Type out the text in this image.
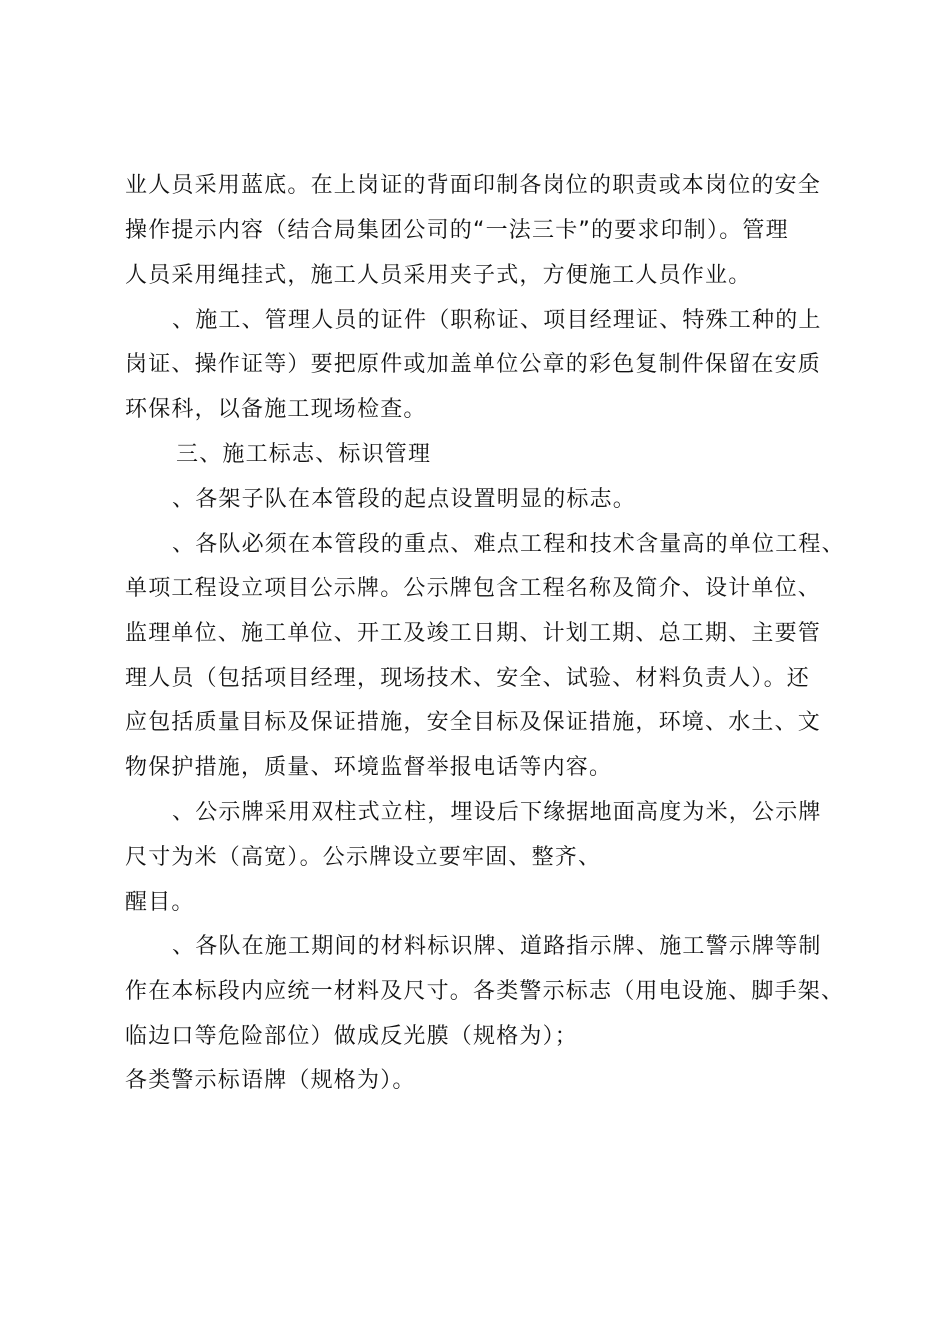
业人员采用蓝底。在上岗证的背面印制各岗位的职责或本岗位的安全
操作提示内容（结合局集团公司的“一法三卡”的要求印制）。管理
人员采用绳挂式，施工人员采用夹子式，方便施工人员作业。
、施工、管理人员的证件（职称证、项目经理证、特殊工种的上
岗证、操作证等）要把原件或加盖单位公章的彩色复制件保留在安质
环保科，以备施工现场检查。
三、施工标志、标识管理
、各架子队在本管段的起点设置明显的标志。
、各队必须在本管段的重点、难点工程和技术含量高的单位工程、
单项工程设立项目公示牌。公示牌包含工程名称及简介、设计单位、
监理单位、施工单位、开工及竣工日期、计划工期、总工期、主要管
理人员（包括项目经理，现场技术、安全、试验、材料负责人）。还
应包括质量目标及保证措施，安全目标及保证措施，环境、水土、文
物保护措施，质量、环境监督举报电话等内容。
、公示牌采用双柱式立柱，埋设后下缘据地面高度为米，公示牌
尺寸为米（高宽）。公示牌设立要牢固、整齐、
醒目。
、各队在施工期间的材料标识牌、道路指示牌、施工警示牌等制
作在本标段内应统一材料及尺寸。各类警示标志（用电设施、脚手架、
临边口等危险部位）做成反光膜（规格为）；
各类警示标语牌（规格为）。
